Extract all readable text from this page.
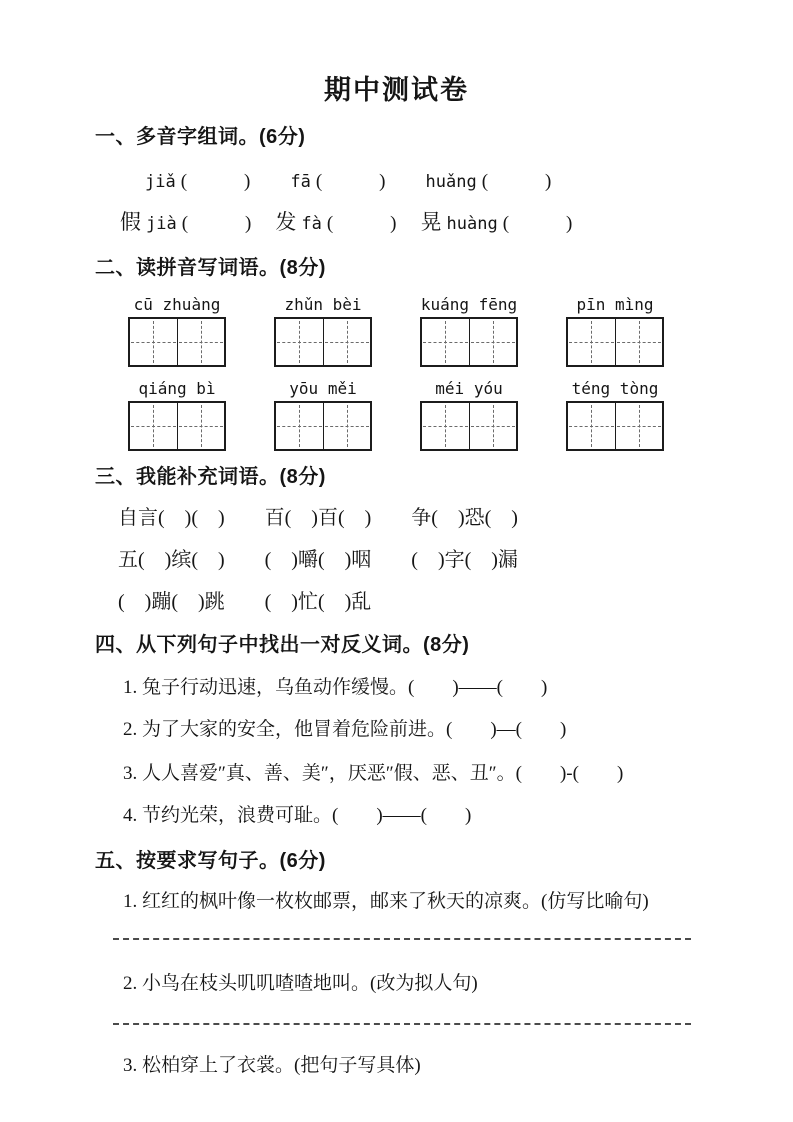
期中测试卷
一、多音字组词。(6分)
jiǎ (　　　) fā (　　　) huǎng (　　　)
假 jià (　　　) 发 fà (　　　) 晃 huàng (　　　)
二、读拼音写词语。(8分)
cū zhuàng	zhǔn bèi	kuáng fēng	pīn mìng
qiáng bì	yōu měi	méi yóu	téng tòng
三、我能补充词语。(8分)

自言(　)(　)　　百(　)百(　)　　争(　)恐(　)

五(　)缤(　)　　(　)嚼(　)咽　　(　)字(　)漏

(　)蹦(　)跳　　(　)忙(　)乱

四、从下列句子中找出一对反义词。(8分)

1. 兔子行动迅速，乌鱼动作缓慢。(　　)——(　　)

2. 为了大家的安全，他冒着危险前进。(　　)—(　　)

3. 人人喜爱″真、善、美″，厌恶″假、恶、丑″。(　　)-(　　)

4. 节约光荣，浪费可耻。(　　)——(　　)

五、按要求写句子。(6分)

1. 红红的枫叶像一枚枚邮票，邮来了秋天的凉爽。(仿写比喻句)

2. 小鸟在枝头叽叽喳喳地叫。(改为拟人句)

3. 松柏穿上了衣裳。(把句子写具体)
